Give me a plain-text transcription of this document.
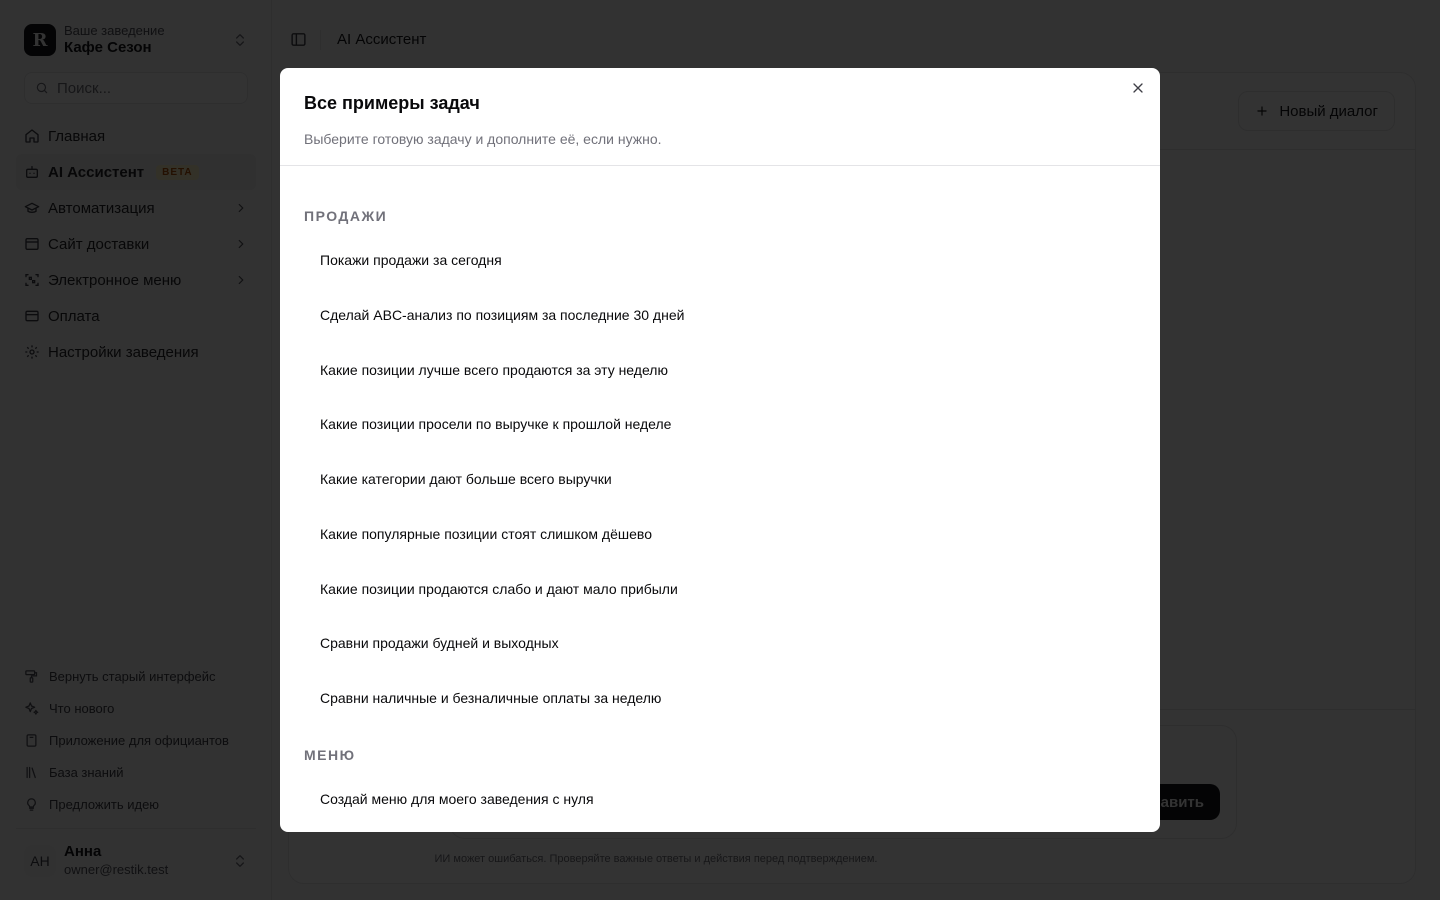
Поиск...
Все примеры задач
Выберите готовую задачу и дополните её, если нужно.
ПРОДАЖИ
Покажи продажи за сегодня
Сделай ABC-анализ по позициям за последние 30 дней
Какие позиции лучше всего продаются за эту неделю
Какие позиции просели по выручке к прошлой неделе
Какие категории дают больше всего выручки
Какие популярные позиции стоят слишком дёшево
Какие позиции продаются слабо и дают мало прибыли
Сравни продажи будней и выходных
Сравни наличные и безналичные оплаты за неделю
МЕНЮ
Создай меню для моего заведения с нуля
